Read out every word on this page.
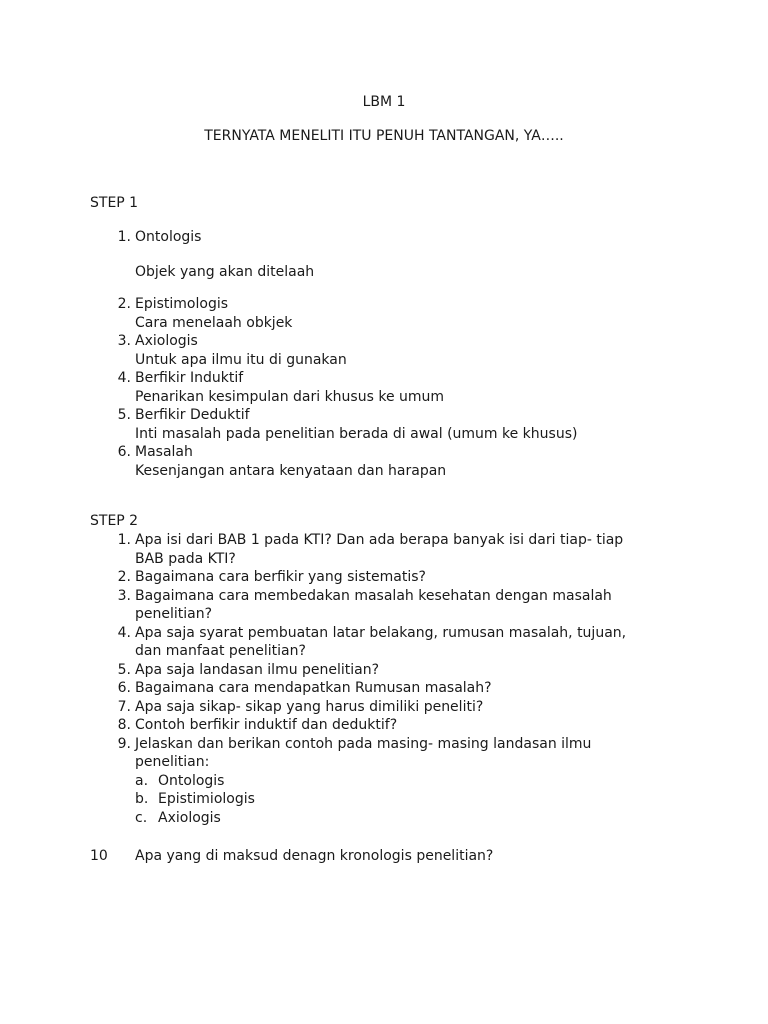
LBM 1
TERNYATA MENELITI ITU PENUH TANTANGAN, YA…..
STEP 1
1. Ontologis
Objek yang akan ditelaah
2. Epistimologis
Cara menelaah obkjek
3. Axiologis
Untuk apa ilmu itu di gunakan
4. Berfikir Induktif
Penarikan kesimpulan dari khusus ke umum
5. Berfikir Deduktif
Inti masalah pada penelitian berada di awal (umum ke khusus)
6. Masalah
Kesenjangan antara kenyataan dan harapan
STEP 2
1. Apa isi dari BAB 1 pada KTI? Dan ada berapa banyak isi dari tiap- tiap
BAB pada KTI?
2. Bagaimana cara berfikir yang sistematis?
3. Bagaimana cara membedakan masalah kesehatan dengan masalah
penelitian?
4. Apa saja syarat pembuatan latar belakang, rumusan masalah, tujuan,
dan manfaat penelitian?
5. Apa saja landasan ilmu penelitian?
6. Bagaimana cara mendapatkan Rumusan masalah?
7. Apa saja sikap- sikap yang harus dimiliki peneliti?
8. Contoh berfikir induktif dan deduktif?
9. Jelaskan dan berikan contoh pada masing- masing landasan ilmu
penelitian:
a. Ontologis
b. Epistimiologis
c. Axiologis
10 Apa yang di maksud denagn kronologis penelitian?
